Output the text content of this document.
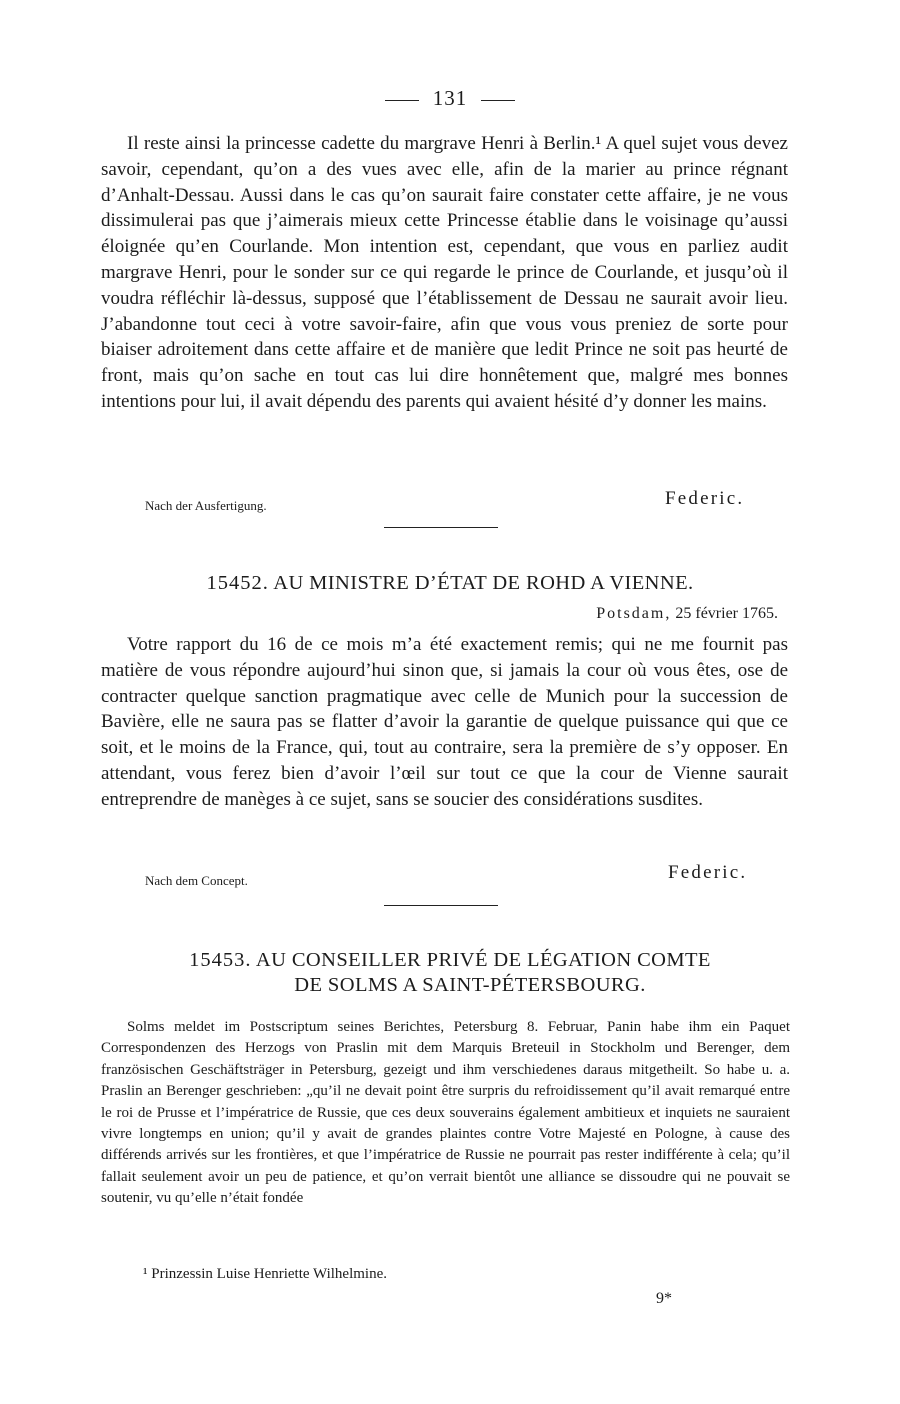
131

Il reste ainsi la princesse cadette du margrave Henri à Berlin.¹ A quel sujet vous devez savoir, cependant, qu’on a des vues avec elle, afin de la marier au prince régnant d’Anhalt-Dessau. Aussi dans le cas qu’on saurait faire constater cette affaire, je ne vous dissimulerai pas que j’aimerais mieux cette Princesse établie dans le voisinage qu’aussi éloignée qu’en Courlande. Mon intention est, cependant, que vous en parliez audit margrave Henri, pour le sonder sur ce qui regarde le prince de Courlande, et jusqu’où il voudra réfléchir là-dessus, supposé que l’établissement de Dessau ne saurait avoir lieu. J’abandonne tout ceci à votre savoir-faire, afin que vous vous preniez de sorte pour biaiser adroitement dans cette affaire et de manière que ledit Prince ne soit pas heurté de front, mais qu’on sache en tout cas lui dire honnêtement que, malgré mes bonnes intentions pour lui, il avait dépendu des parents qui avaient hésité d’y donner les mains.

Nach der Ausfertigung.	Federic.
15452. AU MINISTRE D’ÉTAT DE ROHD A VIENNE.
Potsdam, 25 février 1765.

Votre rapport du 16 de ce mois m’a été exactement remis; qui ne me fournit pas matière de vous répondre aujourd’hui sinon que, si jamais la cour où vous êtes, ose de contracter quelque sanction pragmatique avec celle de Munich pour la succession de Bavière, elle ne saura pas se flatter d’avoir la garantie de quelque puissance qui que ce soit, et le moins de la France, qui, tout au contraire, sera la première de s’y opposer. En attendant, vous ferez bien d’avoir l’œil sur tout ce que la cour de Vienne saurait entreprendre de manèges à ce sujet, sans se soucier des considérations susdites.

Nach dem Concept.	Federic.
15453. AU CONSEILLER PRIVÉ DE LÉGATION COMTE
DE SOLMS A SAINT-PÉTERSBOURG.

Solms meldet im Postscriptum seines Berichtes, Petersburg 8. Februar, Panin habe ihm ein Paquet Correspondenzen des Herzogs von Praslin mit dem Marquis Breteuil in Stockholm und Berenger, dem französischen Geschäftsträger in Petersburg, gezeigt und ihm verschiedenes daraus mitgetheilt. So habe u. a. Praslin an Berenger geschrieben: „qu’il ne devait point être surpris du refroidissement qu’il avait remarqué entre le roi de Prusse et l’impératrice de Russie, que ces deux souverains également ambitieux et inquiets ne sauraient vivre longtemps en union; qu’il y avait de grandes plaintes contre Votre Majesté en Pologne, à cause des différends arrivés sur les frontières, et que l’impératrice de Russie ne pourrait pas rester indifférente à cela; qu’il fallait seulement avoir un peu de patience, et qu’on verrait bientôt une alliance se dissoudre qui ne pouvait se soutenir, vu qu’elle n’était fondée

¹ Prinzessin Luise Henriette Wilhelmine.
9*
